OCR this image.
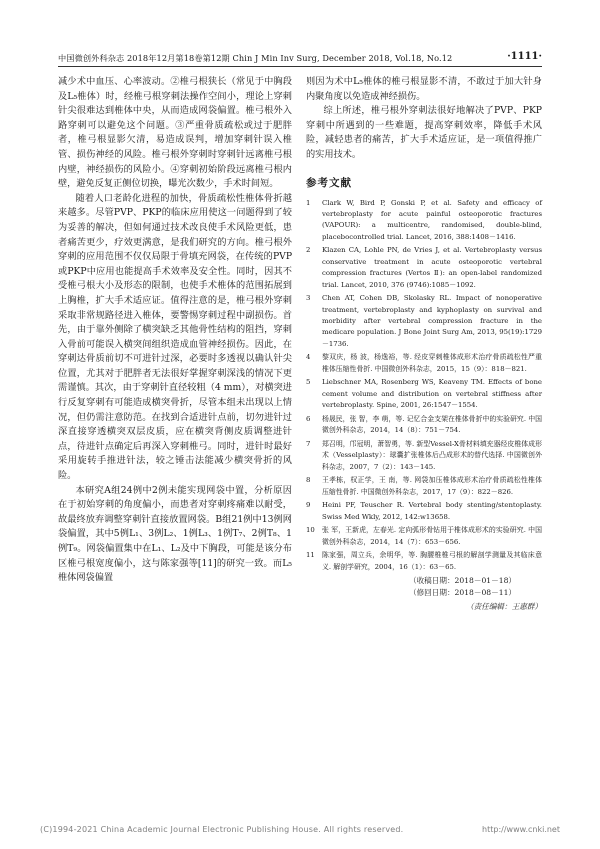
中国微创外科杂志 2018年12月第18卷第12期 Chin J Min Inv Surg, December 2018, Vol.18, No.12	·1111·

减少术中血压、心率波动。②椎弓根狭长（常见于中胸段及L₅椎体）时，经椎弓根穿刺法操作空间小，理论上穿刺针尖很难达到椎体中央，从而造成网袋偏置。椎弓根外入路穿刺可以避免这个问题。③严重骨质疏松或过于肥胖者，椎弓根显影欠清，易造成误判，增加穿刺针误入椎管、损伤神经的风险。椎弓根外穿刺时穿刺针远离椎弓根内壁，神经损伤的风险小。④穿刺初始阶段远离椎弓根内壁，避免反复正侧位切换，曝光次数少，手术时间短。

随着人口老龄化进程的加快，骨质疏松性椎体骨折越来越多。尽管PVP、PKP的临床应用使这一问题得到了较为妥善的解决，但如何通过技术改良使手术风险更低，患者痛苦更少，疗效更满意，是我们研究的方向。椎弓根外穿刺的应用范围不仅仅局限于骨填充网袋，在传统的PVP或PKP中应用也能提高手术效率及安全性。同时，因其不受椎弓根大小及形态的限制，也使手术椎体的范围拓展到上胸椎，扩大手术适应证。值得注意的是，椎弓根外穿刺采取非常规路径进入椎体，要警惕穿刺过程中副损伤。首先，由于靠外侧除了横突缺乏其他骨性结构的阻挡，穿刺入骨前可能误入横突间组织造成血管神经损伤。因此，在穿刺达骨质前切不可进针过深，必要时多透视以确认针尖位置，尤其对于肥胖者无法很好掌握穿刺深浅的情况下更需谨慎。其次，由于穿刺针直径较粗（4 mm），对横突进行反复穿刺有可能造成横突骨折，尽管本组未出现以上情况，但仍需注意防范。在找到合适进针点前，切勿进针过深直接穿透横突双层皮质，应在横突背侧皮质调整进针点，待进针点确定后再深入穿刺椎弓。同时，进针时最好采用旋转手推进针法，较之锤击法能减少横突骨折的风险。

本研究A组24例中2例未能实现网袋中置，分析原因在于初始穿刺的角度偏小，而患者对穿刺疼痛难以耐受，故最终放弃调整穿刺针直接放置网袋。B组21例中13例网袋偏置，其中5例L₁、3例L₂、1例L₃、1例T₇、2例T₈、1例T₉。网袋偏置集中在L₁、L₂及中下胸段，可能是该分布区椎弓根宽度偏小，这与陈家强等[11]的研究一致。而L₅椎体网袋偏置

则因为术中L₅椎体的椎弓根显影不清，不敢过于加大针身内聚角度以免造成神经损伤。

综上所述，椎弓根外穿刺法很好地解决了PVP、PKP穿刺中所遇到的一些难题，提高穿刺效率，降低手术风险，减轻患者的痛苦，扩大手术适应证，是一项值得推广的实用技术。

参考文献
1	Clark W, Bird P, Gonski P, et al. Safety and efficacy of vertebroplasty for acute painful osteoporotic fractures (VAPOUR): a multicentre, randomised, double-blind, placebocontrolled trial. Lancet, 2016, 388:1408－1416.
2	Klazen CA, Lohle PN, de Vries J, et al. Vertebroplasty versus conservative treatment in acute osteoporotic vertebral compression fractures (Vertos Ⅱ): an open-label randomized trial. Lancet, 2010, 376 (9746):1085－1092.
3	Chen AT, Cohen DB, Skolasky RL. Impact of nonoperative treatment, vertebroplasty and kyphoplasty on survival and morbidity after vertebral compression fracture in the medicare population. J Bone Joint Surg Am, 2013, 95(19):1729－1736.
4	黎双庆，杨 波，杨逸裕，等. 经皮穿刺椎体成形术治疗骨质疏松性严重椎体压缩性骨折. 中国微创外科杂志，2015，15（9）：818－821.
5	Liebschner MA, Rosenberg WS, Keaveny TM. Effects of bone cement volume and distribution on vertebral stiffness after vertebroplasty. Spine, 2001, 26:1547－1554.
6	杨晟民，张 智，李 萌，等. 记忆合金支架在椎体骨折中的实验研究. 中国微创外科杂志，2014，14（8）：751－754.
7	郑召明，邝冠明，萧智勇，等. 新型Vessel-X骨材料填充器经皮椎体成形术（Vesselplasty）：球囊扩张椎体后凸成形术的替代选择. 中国微创外科杂志，2007，7（2）：143－145.
8	王孝栋，权正学，王 南，等. 网袋加压椎体成形术治疗骨质疏松性椎体压缩性骨折. 中国微创外科杂志，2017，17（9）：822－826.
9	Heini PF, Teuscher R. Vertebral body stenting/stentoplasty. Swiss Med Wkly, 2012, 142:w13658.
10	张 军，王新虎，左春光. 定向弧形骨钻用于椎体成形术的实验研究. 中国微创外科杂志，2014，14（7）：653－656.
11	陈家强，周立兵，余明华，等. 胸腰椎椎弓根的解剖学测量及其临床意义. 解剖学研究，2004，16（1）：63－65.
（收稿日期：2018－01－18）
（修回日期：2018－08－11）
（责任编辑：王惠群）
(C)1994-2021 China Academic Journal Electronic Publishing House. All rights reserved.	http://www.cnki.net
